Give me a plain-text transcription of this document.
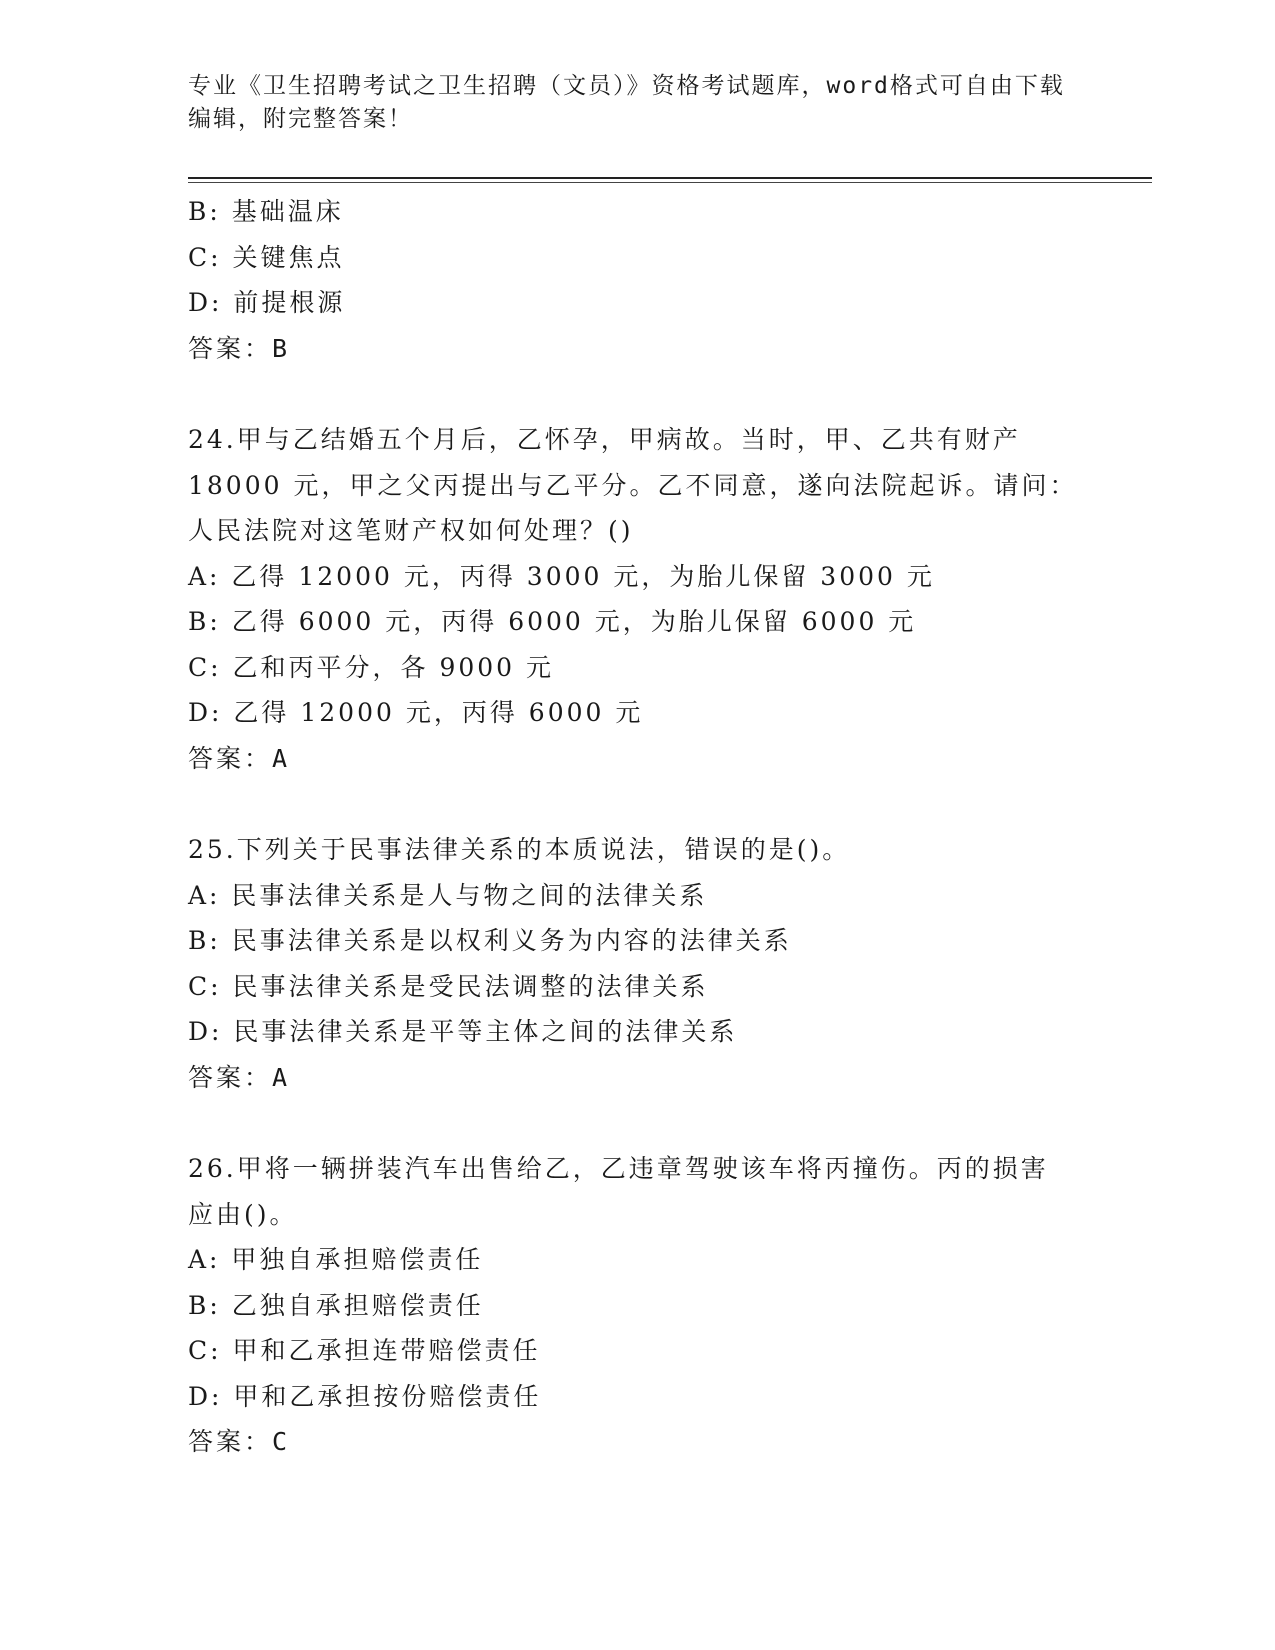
专业《卫生招聘考试之卫生招聘（文员）》资格考试题库，word格式可自由下载
编辑，附完整答案！
B: 基础温床
C: 关键焦点
D: 前提根源
答案：B
24.甲与乙结婚五个月后，乙怀孕，甲病故。当时，甲、乙共有财产
18000 元，甲之父丙提出与乙平分。乙不同意，遂向法院起诉。请问：
人民法院对这笔财产权如何处理？()
A: 乙得 12000 元，丙得 3000 元，为胎儿保留 3000 元
B: 乙得 6000 元，丙得 6000 元，为胎儿保留 6000 元
C: 乙和丙平分，各 9000 元
D: 乙得 12000 元，丙得 6000 元
答案：A
25.下列关于民事法律关系的本质说法，错误的是()。
A: 民事法律关系是人与物之间的法律关系
B: 民事法律关系是以权利义务为内容的法律关系
C: 民事法律关系是受民法调整的法律关系
D: 民事法律关系是平等主体之间的法律关系
答案：A
26.甲将一辆拼装汽车出售给乙，乙违章驾驶该车将丙撞伤。丙的损害
应由()。
A: 甲独自承担赔偿责任
B: 乙独自承担赔偿责任
C: 甲和乙承担连带赔偿责任
D: 甲和乙承担按份赔偿责任
答案：C
